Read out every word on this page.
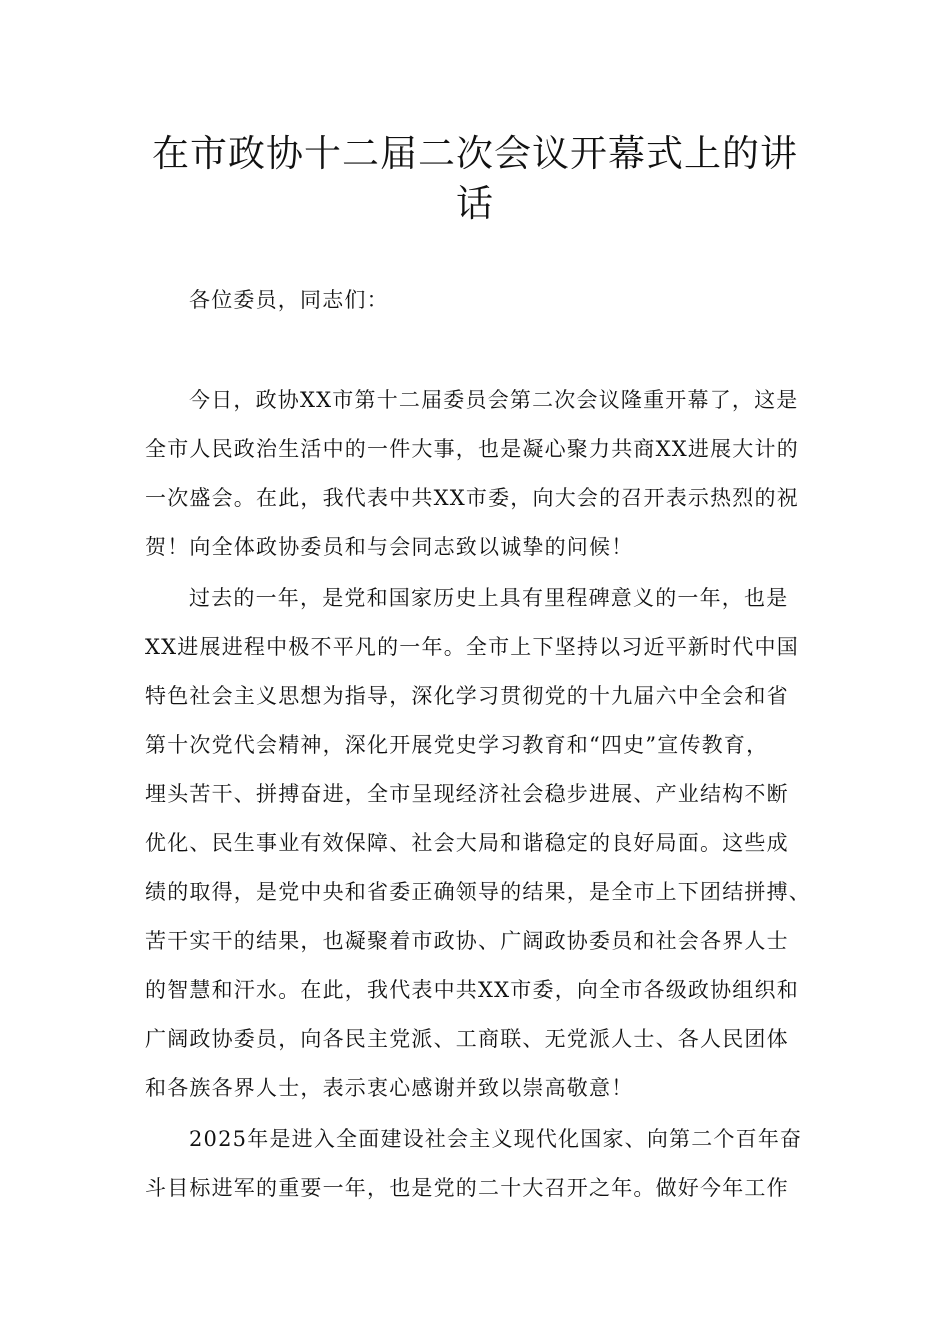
在市政协十二届二次会议开幕式上的讲
话

各位委员，同志们：

今日，政协XX市第十二届委员会第二次会议隆重开幕了，这是

全市人民政治生活中的一件大事，也是凝心聚力共商XX进展大计的

一次盛会。在此，我代表中共XX市委，向大会的召开表示热烈的祝

贺！向全体政协委员和与会同志致以诚挚的问候！

过去的一年，是党和国家历史上具有里程碑意义的一年，也是

XX进展进程中极不平凡的一年。全市上下坚持以习近平新时代中国

特色社会主义思想为指导，深化学习贯彻党的十九届六中全会和省

第十次党代会精神，深化开展党史学习教育和“四史”宣传教育，

埋头苦干、拼搏奋进，全市呈现经济社会稳步进展、产业结构不断

优化、民生事业有效保障、社会大局和谐稳定的良好局面。这些成

绩的取得，是党中央和省委正确领导的结果，是全市上下团结拼搏、

苦干实干的结果，也凝聚着市政协、广阔政协委员和社会各界人士

的智慧和汗水。在此，我代表中共XX市委，向全市各级政协组织和

广阔政协委员，向各民主党派、工商联、无党派人士、各人民团体

和各族各界人士，表示衷心感谢并致以崇高敬意！

2025年是进入全面建设社会主义现代化国家、向第二个百年奋

斗目标进军的重要一年，也是党的二十大召开之年。做好今年工作
